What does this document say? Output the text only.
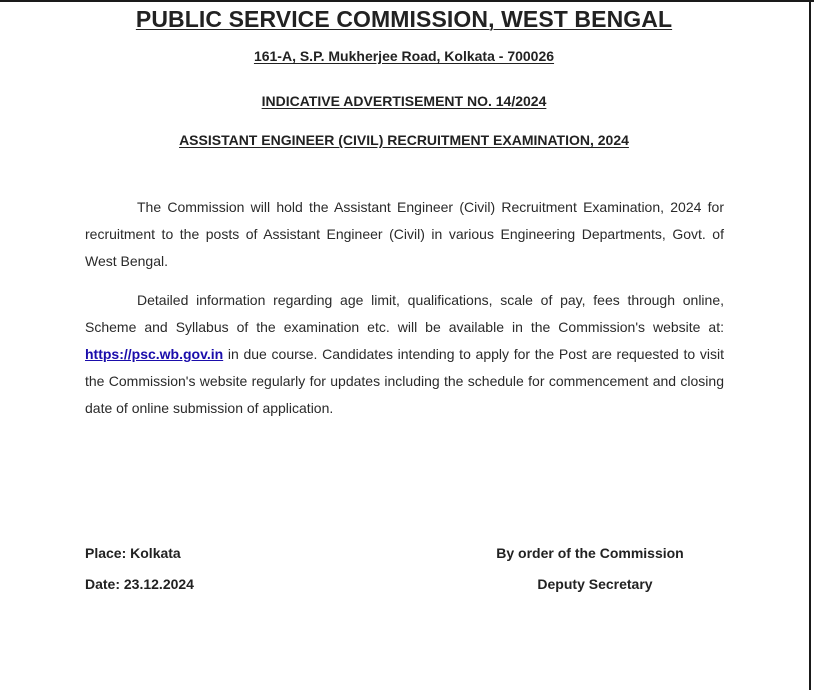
PUBLIC SERVICE COMMISSION, WEST BENGAL
161-A, S.P. Mukherjee Road, Kolkata - 700026
INDICATIVE ADVERTISEMENT NO. 14/2024
ASSISTANT ENGINEER (CIVIL) RECRUITMENT EXAMINATION, 2024
The Commission will hold the Assistant Engineer (Civil) Recruitment Examination, 2024 for recruitment to the posts of Assistant Engineer (Civil) in various Engineering Departments, Govt. of West Bengal.
Detailed information regarding age limit, qualifications, scale of pay, fees through online, Scheme and Syllabus of the examination etc. will be available in the Commission's website at: https://psc.wb.gov.in in due course. Candidates intending to apply for the Post are requested to visit the Commission's website regularly for updates including the schedule for commencement and closing date of online submission of application.
Place: Kolkata
Date: 23.12.2024
By order of the Commission
Deputy Secretary
